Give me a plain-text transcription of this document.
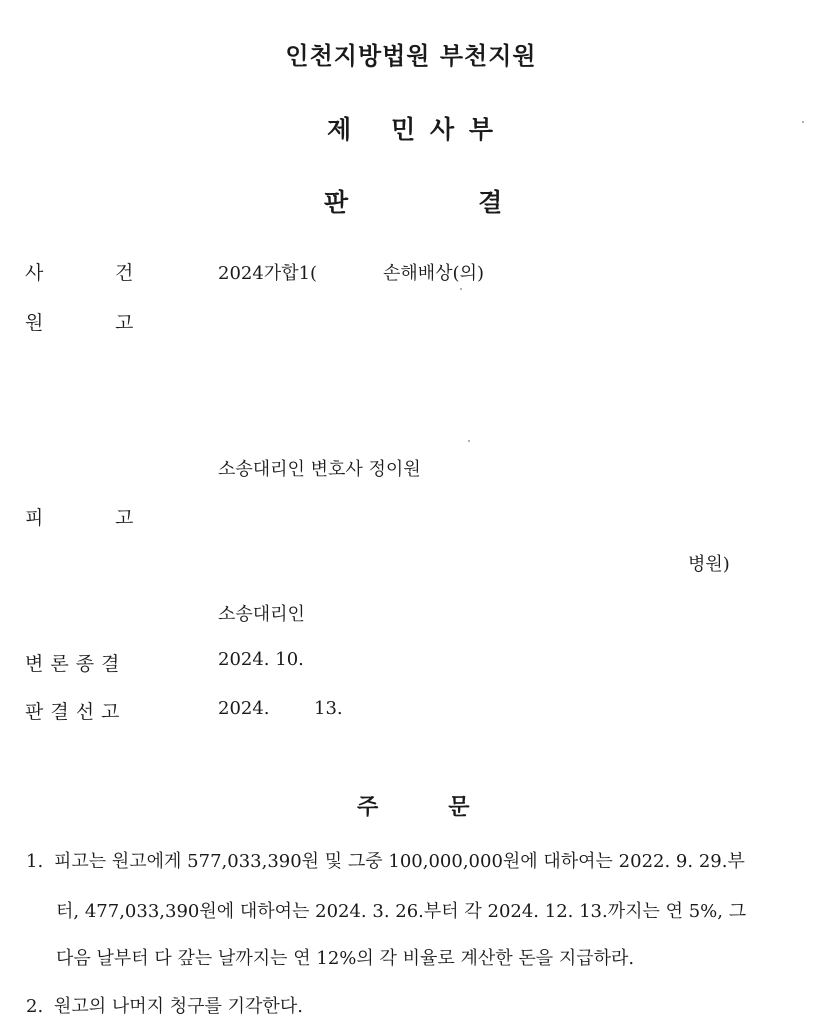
인천지방법원 부천지원
제 민 사 부
판	결
사	건	2024가합1(	손해배상(의)
원	고
소송대리인 변호사 정이원
피	고
병원)
소송대리인
변론종결	2024. 10.
판결선고	2024. 13.
주	문
1. 피고는 원고에게 577,033,390원 및 그중 100,000,000원에 대하여는 2022. 9. 29.부
터, 477,033,390원에 대하여는 2024. 3. 26.부터 각 2024. 12. 13.까지는 연 5%, 그
다음 날부터 다 갚는 날까지는 연 12%의 각 비율로 계산한 돈을 지급하라.
2. 원고의 나머지 청구를 기각한다.
